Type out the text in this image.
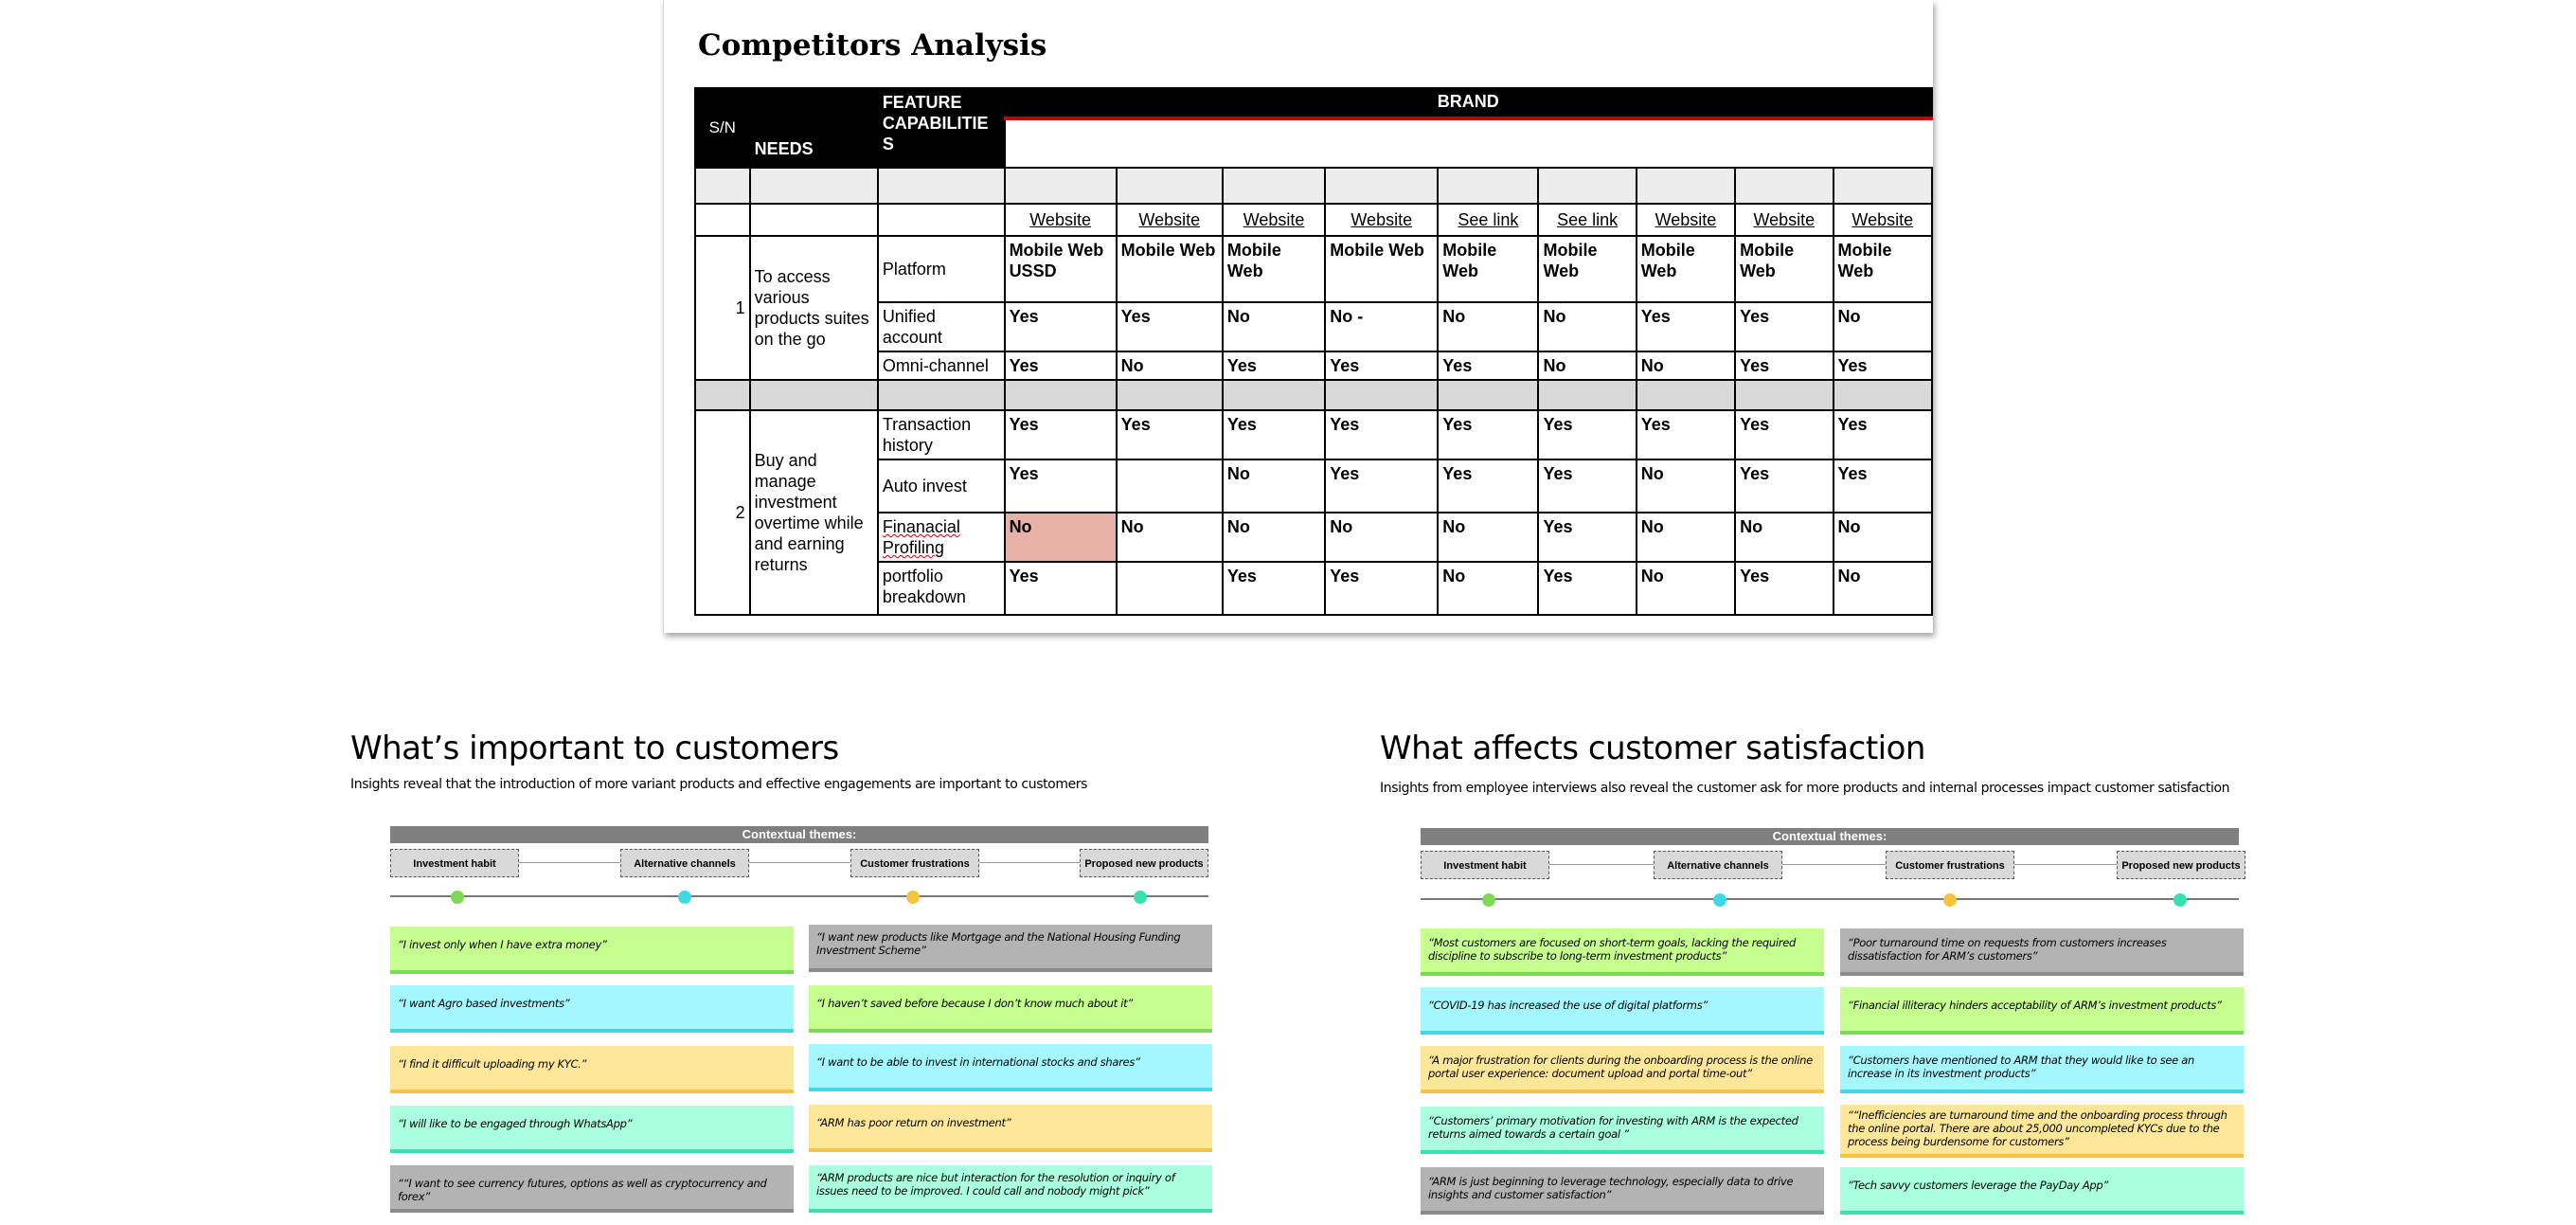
Competitors Analysis
S/N	NEEDS	FEATURE CAPABILITIE S	BRAND								

			Website	Website	Website	Website	See link	See link	Website	Website	Website
1	To access various products suites on the go	Platform	Mobile Web USSD	Mobile Web	Mobile Web	Mobile Web	Mobile Web	Mobile Web	Mobile Web	Mobile Web	Mobile Web
		Unified account	Yes	Yes	No	No -	No	No	Yes	Yes	No
		Omni-channel	Yes	No	Yes	Yes	Yes	No	No	Yes	Yes

2	Buy and manage investment overtime while and earning returns	Transaction history	Yes	Yes	Yes	Yes	Yes	Yes	Yes	Yes	Yes
		Auto invest	Yes		No	Yes	Yes	Yes	No	Yes	Yes
		Finanacial Profiling	No	No	No	No	No	Yes	No	No	No
		portfolio breakdown	Yes		Yes	Yes	No	Yes	No	Yes	No
What’s important to customers
Insights reveal that the introduction of more variant products and effective engagements are important to customers
Contextual themes:
Investment habit	Alternative channels	Customer frustrations	Proposed new products
“I invest only when I have extra money”
“I want Agro based investments”
“I find it difficult uploading my KYC.”
“I will like to be engaged through WhatsApp”
““I want to see currency futures, options as well as cryptocurrency and forex”
“I want new products like Mortgage and the National Housing Funding Investment Scheme”
“I haven’t saved before because I don’t know much about it”
“I want to be able to invest in international stocks and shares”
“ARM has poor return on investment”
“ARM products are nice but interaction for the resolution or inquiry of issues need to be improved. I could call and nobody might pick”
What affects customer satisfaction
Insights from employee interviews also reveal the customer ask for more products and internal processes impact customer satisfaction
Contextual themes:
Investment habit	Alternative channels	Customer frustrations	Proposed new products
“Most customers are focused on short-term goals, lacking the required discipline to subscribe to long-term investment products”
“COVID-19 has increased the use of digital platforms”
“A major frustration for clients during the onboarding process is the online portal user experience: document upload and portal time-out”
“Customers’ primary motivation for investing with ARM is the expected returns aimed towards a certain goal ”
“ARM is just beginning to leverage technology, especially data to drive insights and customer satisfaction”
“Poor turnaround time on requests from customers increases dissatisfaction for ARM’s customers”
“Financial illiteracy hinders acceptability of ARM’s investment products”
“Customers have mentioned to ARM that they would like to see an increase in its investment products”
““Inefficiencies are turnaround time and the onboarding process through the online portal. There are about 25,000 uncompleted KYCs due to the process being burdensome for customers”
“Tech savvy customers leverage the PayDay App”
